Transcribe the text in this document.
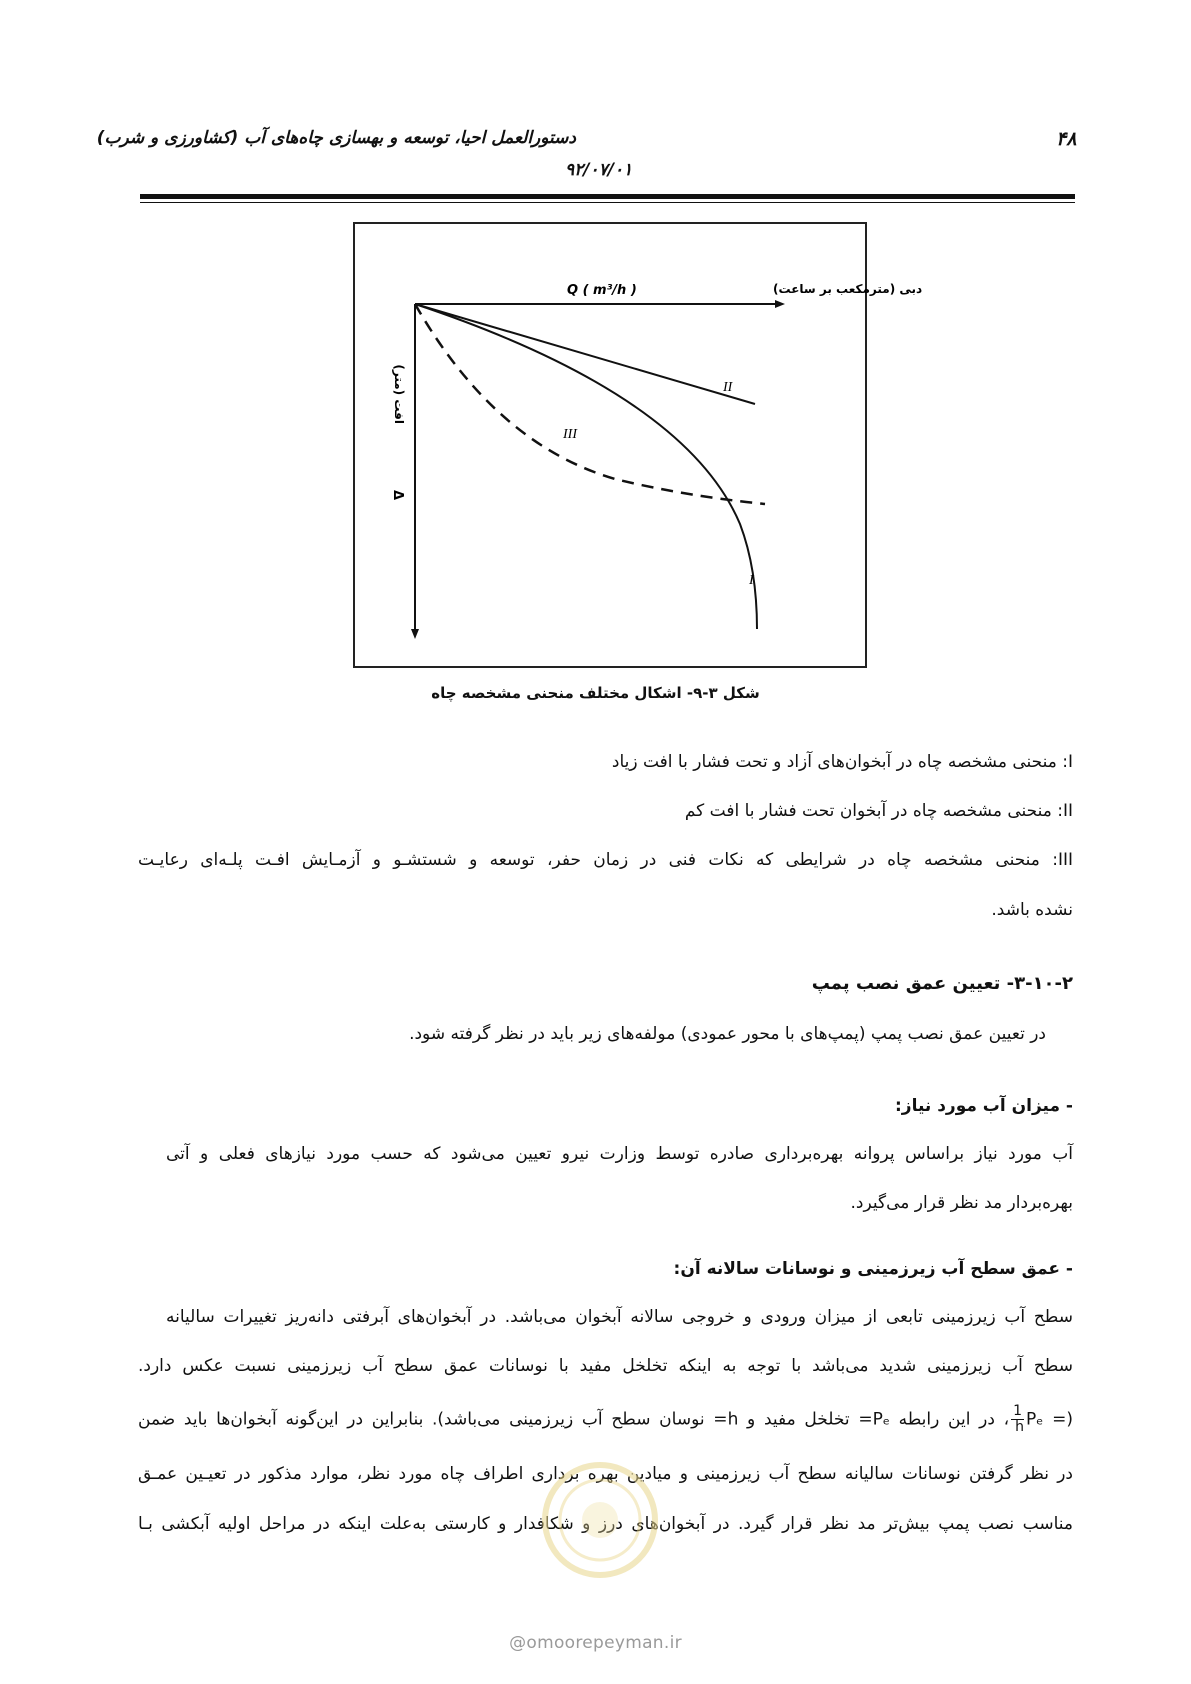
دستورالعمل احیا، توسعه و بهسازی چاه‌های آب (کشاورزی و شرب)	۴۸
۹۲/۰۷/۰۱
دبی (مترمکعب بر ساعت)
Q ( m³/h )
افت (متر)
Δ
II
III
I
شکل ۳-۹- اشکال مختلف منحنی مشخصه چاه
I: منحنی مشخصه چاه در آبخوان‌های آزاد و تحت فشار با افت زیاد
II: منحنی مشخصه چاه در آبخوان تحت فشار با افت کم
III: منحنی مشخصه چاه در شرایطی که نکات فنی در زمان حفر، توسعه و شستشـو و آزمـایش افـت پلـه‌ای رعایـت
نشده باشد.
۳-۱۰-۲- تعیین عمق نصب پمپ
در تعیین عمق نصب پمپ (پمپ‌های با محور عمودی) مولفه‌های زیر باید در نظر گرفته شود.
- میزان آب مورد نیاز:
آب مورد نیاز براساس پروانه بهره‌برداری صادره توسط وزارت نیرو تعیین می‌شود که حسب مورد نیازهای فعلی و آتی
بهره‌بردار مد نظر قرار می‌گیرد.
- عمق سطح آب زیرزمینی و نوسانات سالانه آن:
سطح آب زیرزمینی تابعی از میزان ورودی و خروجی سالانه آبخوان می‌باشد. در آبخوان‌های آبرفتی دانه‌ریز تغییرات سالیانه
سطح آب زیرزمینی شدید می‌باشد با توجه به اینکه تخلخل مفید با نوسانات عمق سطح آب زیرزمینی نسبت عکس دارد.
(Pₑ =
$\frac{1}{h}$
، در این رابطه Pₑ= تخلخل مفید و h= نوسان سطح آب زیرزمینی می‌باشد). بنابراین در این‌گونه آبخوان‌ها باید ضمن
در نظر گرفتن نوسانات سالیانه سطح آب زیرزمینی و میادین بهره برداری اطراف چاه مورد نظر، موارد مذکور در تعیـین عمـق
مناسب نصب پمپ بیش‌تر مد نظر قرار گیرد. در آبخوان‌های درز و شکافدار و کارستی به‌علت اینکه در مراحل اولیه آبکشی بـا
@omoorepeyman.ir
